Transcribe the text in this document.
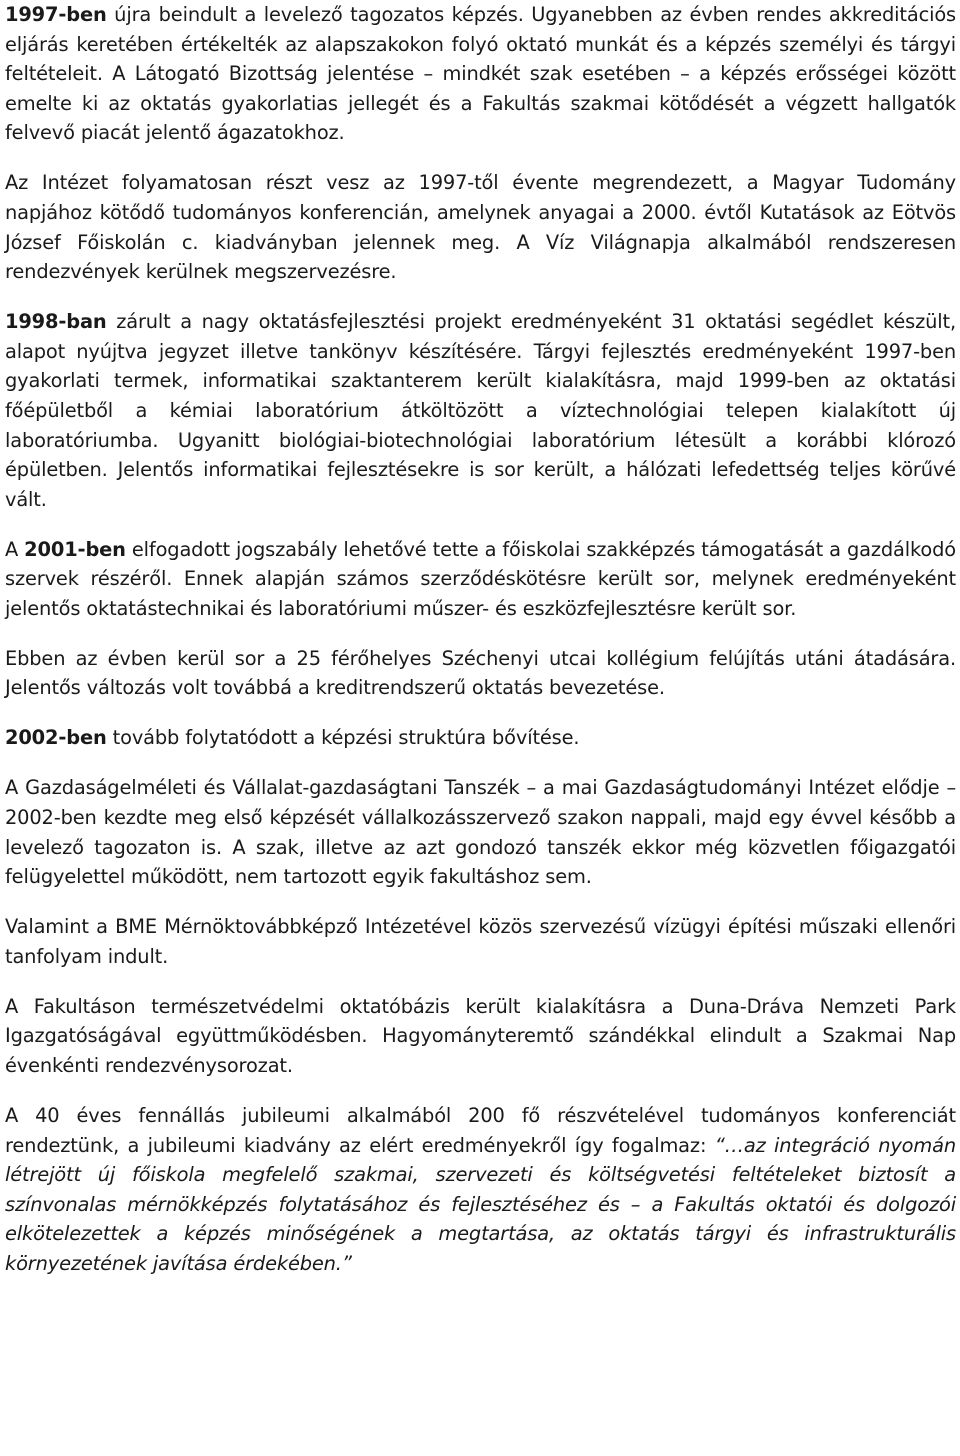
1997-ben újra beindult a levelező tagozatos képzés. Ugyanebben az évben rendes akkreditációs eljárás keretében értékelték az alapszakokon folyó oktató munkát és a képzés személyi és tárgyi feltételeit. A Látogató Bizottság jelentése – mindkét szak esetében – a képzés erősségei között emelte ki az oktatás gyakorlatias jellegét és a Fakultás szakmai kötődését a végzett hallgatók felvevő piacát jelentő ágazatokhoz.

Az Intézet folyamatosan részt vesz az 1997-től évente megrendezett, a Magyar Tudomány napjához kötődő tudományos konferencián, amelynek anyagai a 2000. évtől Kutatások az Eötvös József Főiskolán c. kiadványban jelennek meg. A Víz Világnapja alkalmából rendszeresen rendezvények kerülnek megszervezésre.

1998-ban zárult a nagy oktatásfejlesztési projekt eredményeként 31 oktatási segédlet készült, alapot nyújtva jegyzet illetve tankönyv készítésére. Tárgyi fejlesztés eredményeként 1997-ben gyakorlati termek, informatikai szaktanterem került kialakításra, majd 1999-ben az oktatási főépületből a kémiai laboratórium átköltözött a víztechnológiai telepen kialakított új laboratóriumba. Ugyanitt biológiai-biotechnológiai laboratórium létesült a korábbi klórozó épületben. Jelentős informatikai fejlesztésekre is sor került, a hálózati lefedettség teljes körűvé vált.

A 2001-ben elfogadott jogszabály lehetővé tette a főiskolai szakképzés támogatását a gazdálkodó szervek részéről. Ennek alapján számos szerződéskötésre került sor, melynek eredményeként jelentős oktatástechnikai és laboratóriumi műszer- és eszközfejlesztésre került sor.

Ebben az évben kerül sor a 25 férőhelyes Széchenyi utcai kollégium felújítás utáni átadására. Jelentős változás volt továbbá a kreditrendszerű oktatás bevezetése.

2002-ben tovább folytatódott a képzési struktúra bővítése.

A Gazdaságelméleti és Vállalat-gazdaságtani Tanszék – a mai Gazdaságtudományi Intézet elődje – 2002-ben kezdte meg első képzését vállalkozásszervező szakon nappali, majd egy évvel később a levelező tagozaton is. A szak, illetve az azt gondozó tanszék ekkor még közvetlen főigazgatói felügyelettel működött, nem tartozott egyik fakultáshoz sem.

Valamint a BME Mérnöktovábbképző Intézetével közös szervezésű vízügyi építési műszaki ellenőri tanfolyam indult.

A Fakultáson természetvédelmi oktatóbázis került kialakításra a Duna-Dráva Nemzeti Park Igazgatóságával együttműködésben. Hagyományteremtő szándékkal elindult a Szakmai Nap évenkénti rendezvénysorozat.

A 40 éves fennállás jubileumi alkalmából 200 fő részvételével tudományos konferenciát rendeztünk, a jubileumi kiadvány az elért eredményekről így fogalmaz: “…az integráció nyomán létrejött új főiskola megfelelő szakmai, szervezeti és költségvetési feltételeket biztosít a színvonalas mérnökképzés folytatásához és fejlesztéséhez és – a Fakultás oktatói és dolgozói elkötelezettek a képzés minőségének a megtartása, az oktatás tárgyi és infrastrukturális környezetének javítása érdekében.”
